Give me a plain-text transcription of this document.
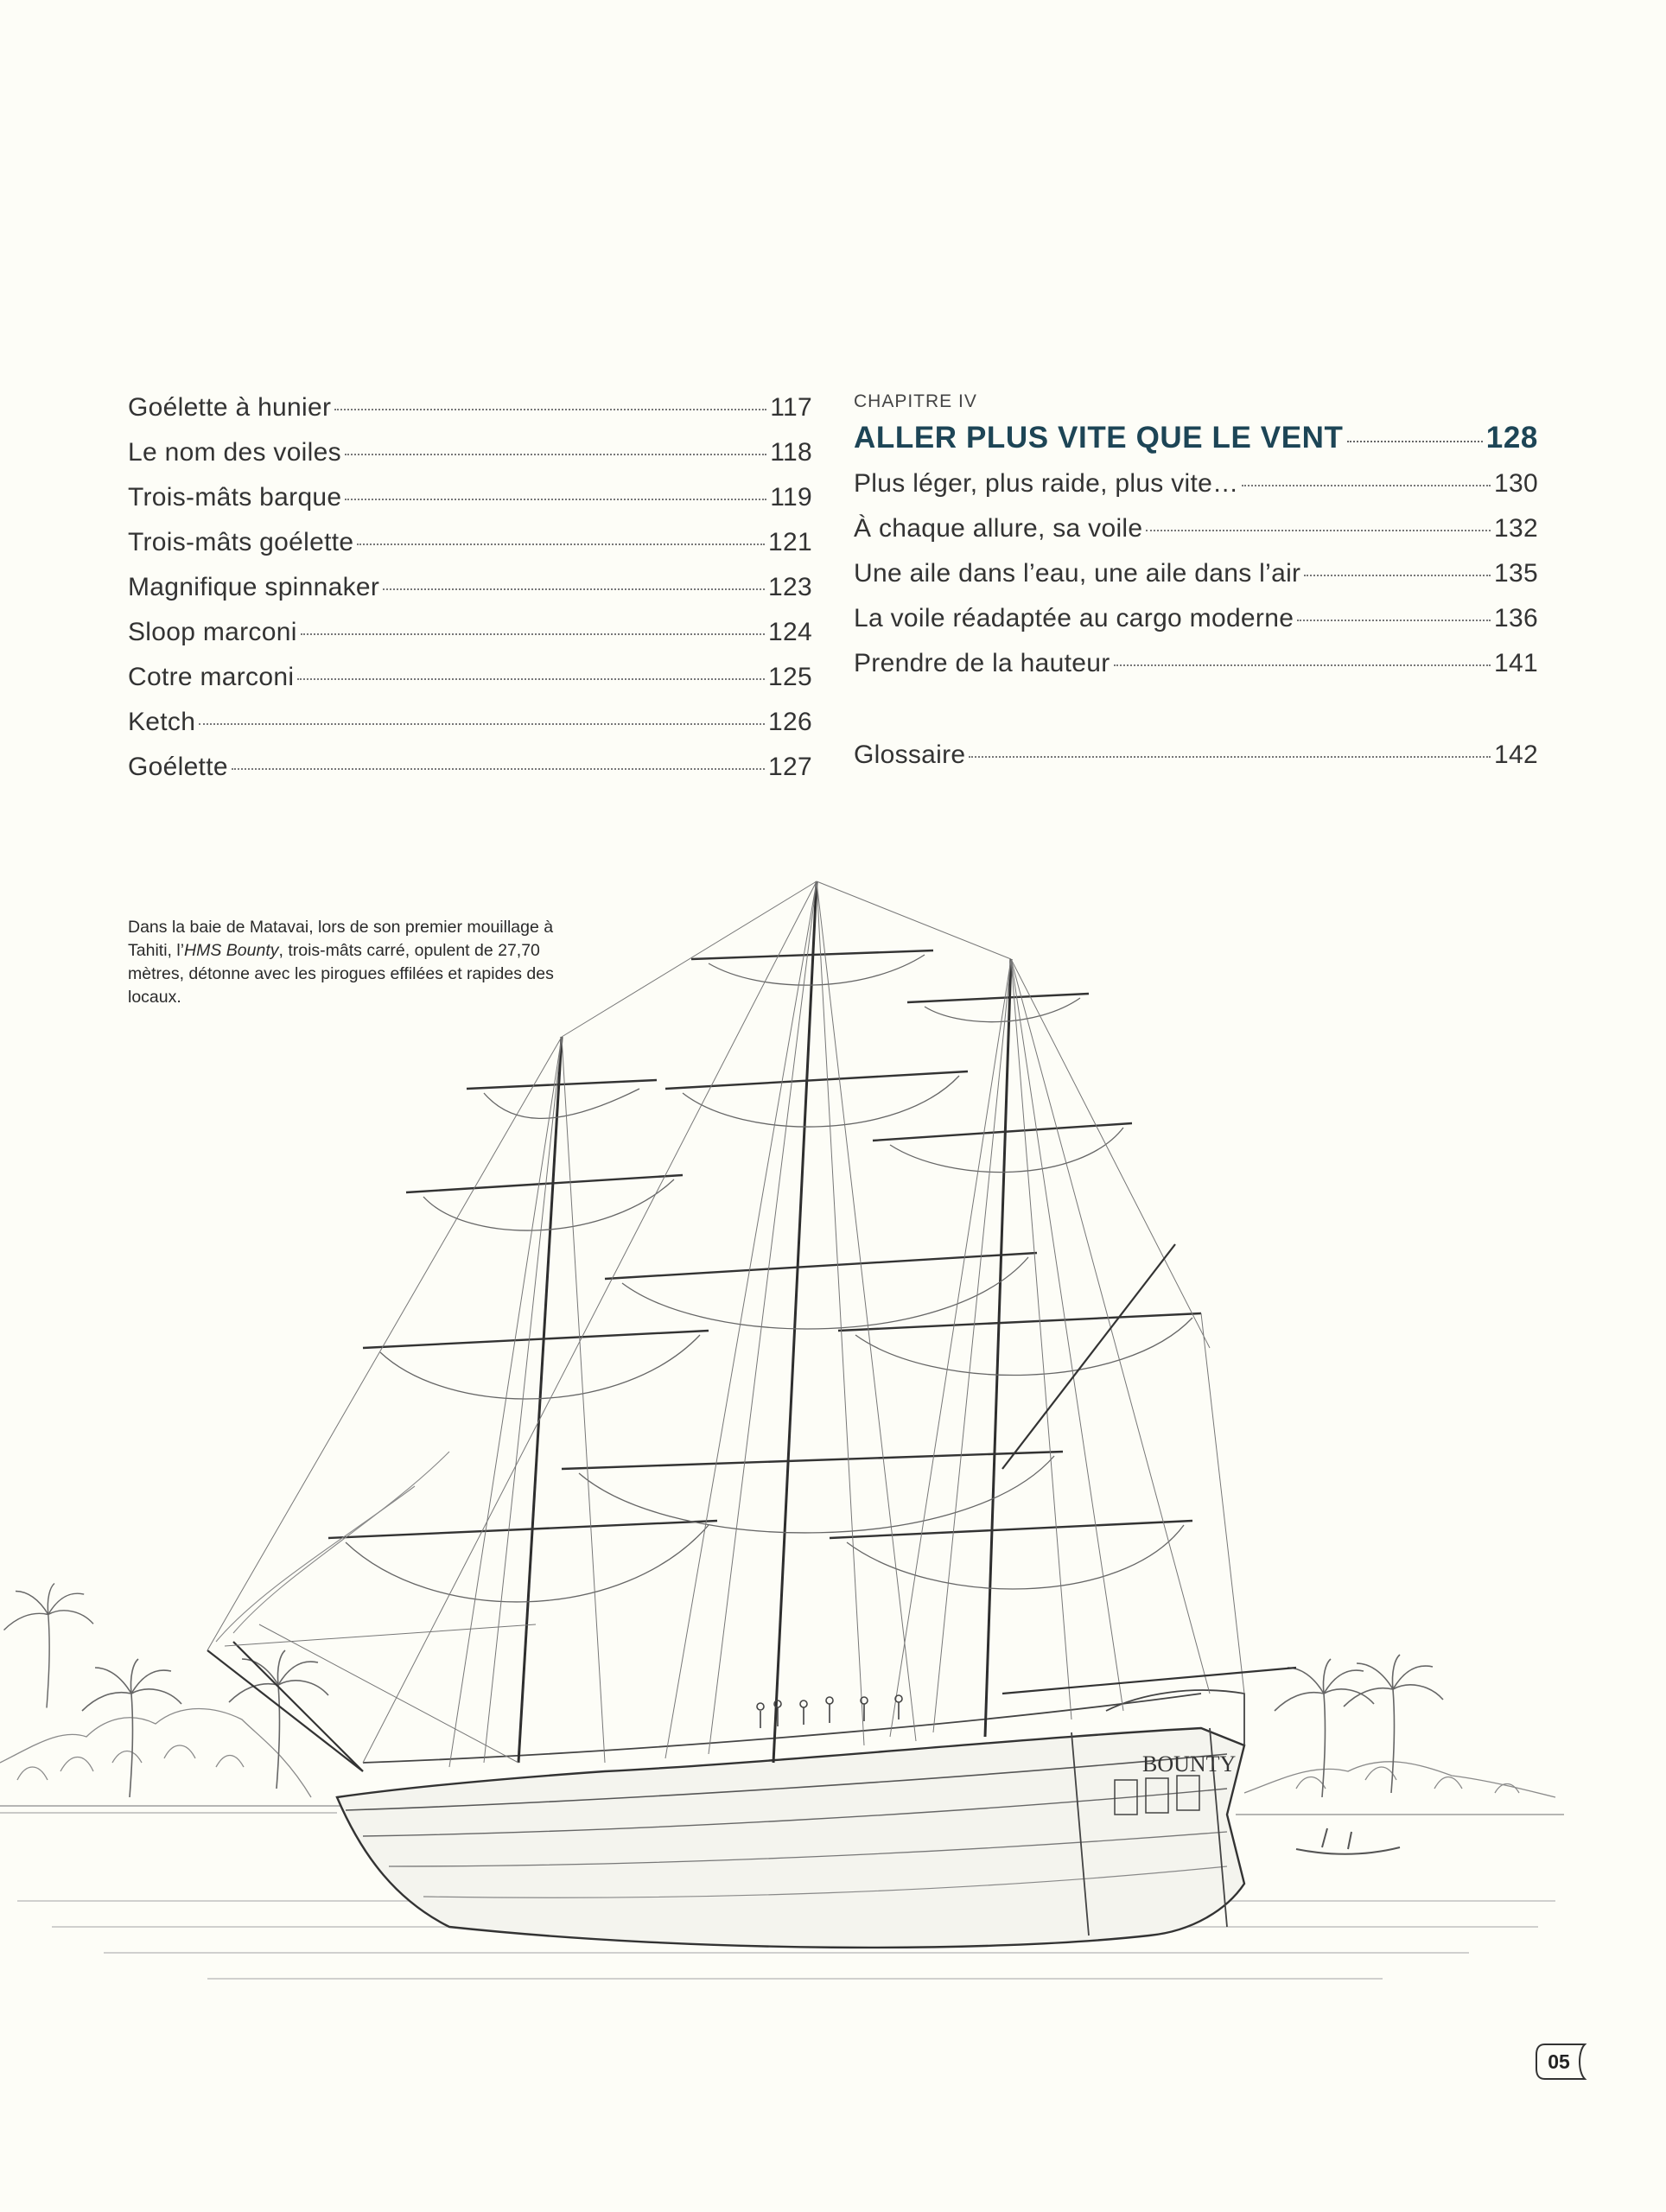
Goélette à hunier	117
Le nom des voiles	118
Trois-mâts barque	119
Trois-mâts goélette	121
Magnifique spinnaker	123
Sloop marconi	124
Cotre marconi	125
Ketch	126
Goélette	127
CHAPITRE IV
ALLER PLUS VITE QUE LE VENT	128
Plus léger, plus raide, plus vite…	130
À chaque allure, sa voile	132
Une aile dans l’eau, une aile dans l’air	135
La voile réadaptée au cargo moderne	136
Prendre de la hauteur	141
Glossaire	142
BOUNTY
Dans la baie de Matavai, lors de son premier mouillage à Tahiti, l’HMS Bounty, trois-mâts carré, opulent de 27,70 mètres, détonne avec les pirogues effilées et rapides des locaux.
05
